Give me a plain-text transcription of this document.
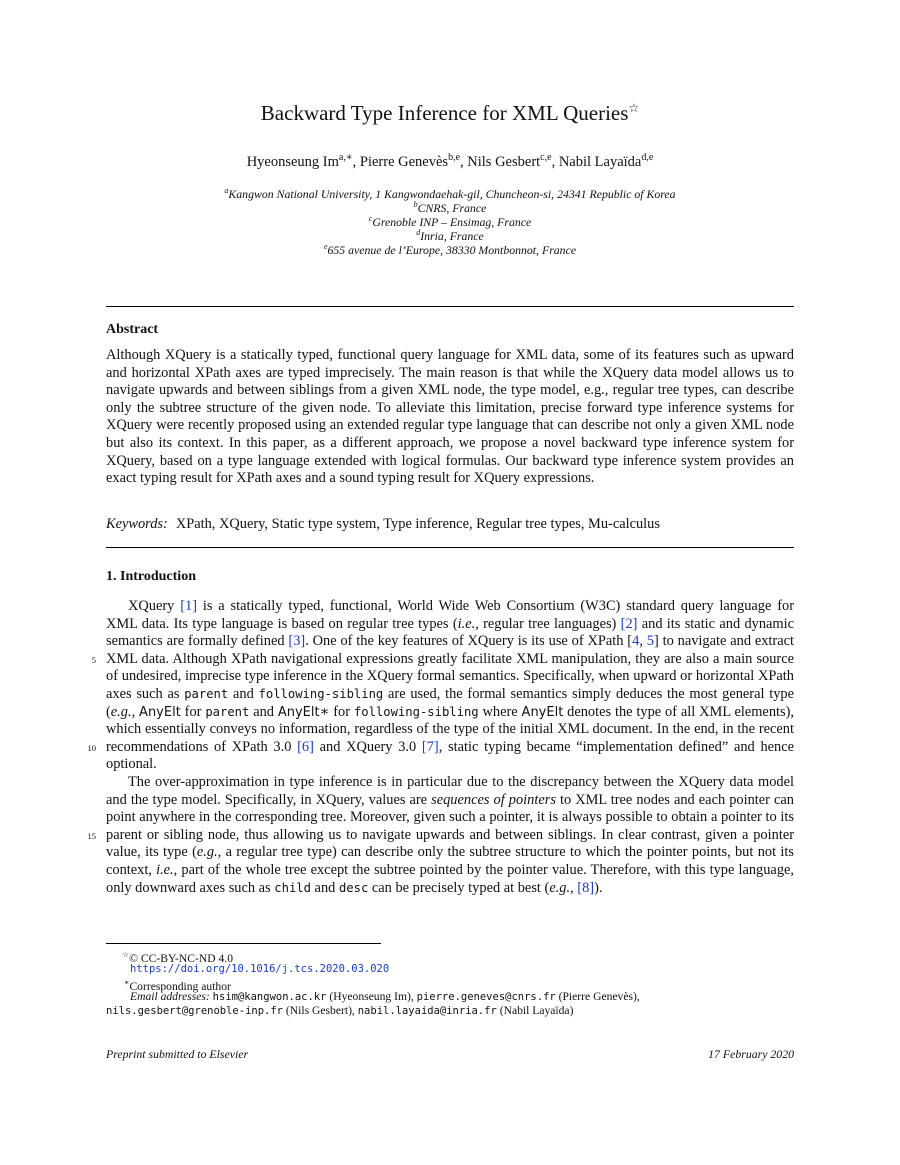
Backward Type Inference for XML Queries☆
Hyeonseung $Im^{a,∗}$, Pierre Genevès$^{b,e}$, Nils Gesbert$^{c,e}$, Nabil Layaïda$^{d,e}$
$^a$Kangwon National University, 1 Kangwondaehak-gil, Chuncheon-si, 24341 Republic of Korea
$^b$CNRS, France
$^c$Grenoble INP – Ensimag, France
$^d$Inria, France
$^e$655 avenue de l’Europe, 38330 Montbonnot, France
Abstract

Although XQuery is a statically typed, functional query language for XML data, some of its features such as upward and horizontal XPath axes are typed imprecisely. The main reason is that while the XQuery data model allows us to navigate upwards and between siblings from a given XML node, the type model, e.g., regular tree types, can describe only the subtree structure of the given node. To alleviate this limitation, precise forward type inference systems for XQuery were recently proposed using an extended regular type language that can describe not only a given XML node but also its context. In this paper, as a different approach, we propose a novel backward type inference system for XQuery, based on a type language extended with logical formulas. Our backward type inference system provides an exact typing result for XPath axes and a sound typing result for XQuery expressions.

Keywords: XPath, XQuery, Static type system, Type inference, Regular tree types, Mu-calculus
1. Introduction
5
10
15

XQuery [1] is a statically typed, functional, World Wide Web Consortium (W3C) standard query language for XML data. Its type language is based on regular tree types (i.e., regular tree languages) [2] and its static and dynamic semantics are formally defined [3]. One of the key features of XQuery is its use of XPath [4, 5] to navigate and extract XML data. Although XPath navigational expressions greatly facilitate XML manipulation, they are also a main source of undesired, imprecise type inference in the XQuery formal semantics. Specifically, when upward or horizontal XPath axes such as parent and following-sibling are used, the formal semantics simply deduces the most general type (e.g., AnyElt for parent and AnyElt∗ for following-sibling where AnyElt denotes the type of all XML elements), which essentially conveys no information, regardless of the type of the initial XML document. In the end, in the recent recommendations of XPath 3.0 [6] and XQuery 3.0 [7], static typing became “implementation defined” and hence optional.

The over-approximation in type inference is in particular due to the discrepancy between the XQuery data model and the type model. Specifically, in XQuery, values are sequences of pointers to XML tree nodes and each pointer can point anywhere in the corresponding tree. Moreover, given such a pointer, it is always possible to obtain a pointer to its parent or sibling node, thus allowing us to navigate upwards and between siblings. In clear contrast, given a pointer value, its type (e.g., a regular tree type) can describe only the subtree structure to which the pointer points, but not its context, i.e., part of the whole tree except the subtree pointed by the pointer value. Therefore, with this type language, only downward axes such as child and desc can be precisely typed at best (e.g., [8]).

☆© CC-BY-NC-ND 4.0
https://doi.org/10.1016/j.tcs.2020.03.020
∗Corresponding author
Email addresses: hsim@kangwon.ac.kr (Hyeonseung Im), pierre.geneves@cnrs.fr (Pierre Genevès),
nils.gesbert@grenoble-inp.fr (Nils Gesbert), nabil.layaida@inria.fr (Nabil Layaïda)
Preprint submitted to Elsevier	17 February 2020
